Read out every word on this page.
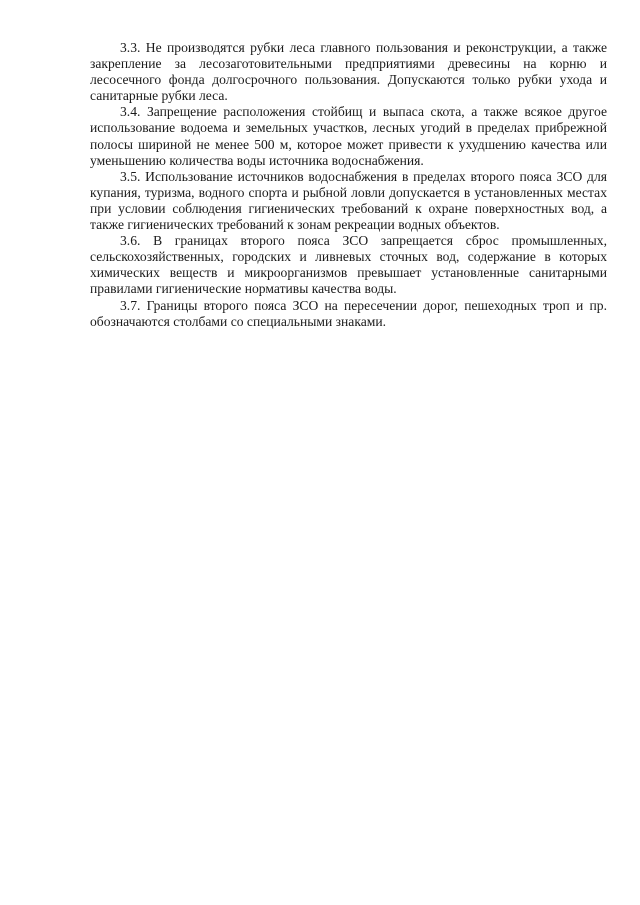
3.3. Не производятся рубки леса главного пользования и реконструкции, а также закрепление за лесозаготовительными предприятиями древесины на корню и лесосечного фонда долгосрочного пользования. Допускаются только рубки ухода и санитарные рубки леса.

3.4. Запрещение расположения стойбищ и выпаса скота, а также всякое другое использование водоема и земельных участков, лесных угодий в пределах прибрежной полосы шириной не менее 500 м, которое может привести к ухудшению качества или уменьшению количества воды источника водоснабжения.

3.5. Использование источников водоснабжения в пределах второго пояса ЗСО для купания, туризма, водного спорта и рыбной ловли допускается в установленных местах при условии соблюдения гигиенических требований к охране поверхностных вод, а также гигиенических требований к зонам рекреации водных объектов.

3.6. В границах второго пояса ЗСО запрещается сброс промышленных, сельскохозяйственных, городских и ливневых сточных вод, содержание в которых химических веществ и микроорганизмов превышает установленные санитарными правилами гигиенические нормативы качества воды.

3.7. Границы второго пояса ЗСО на пересечении дорог, пешеходных троп и пр. обозначаются столбами со специальными знаками.
